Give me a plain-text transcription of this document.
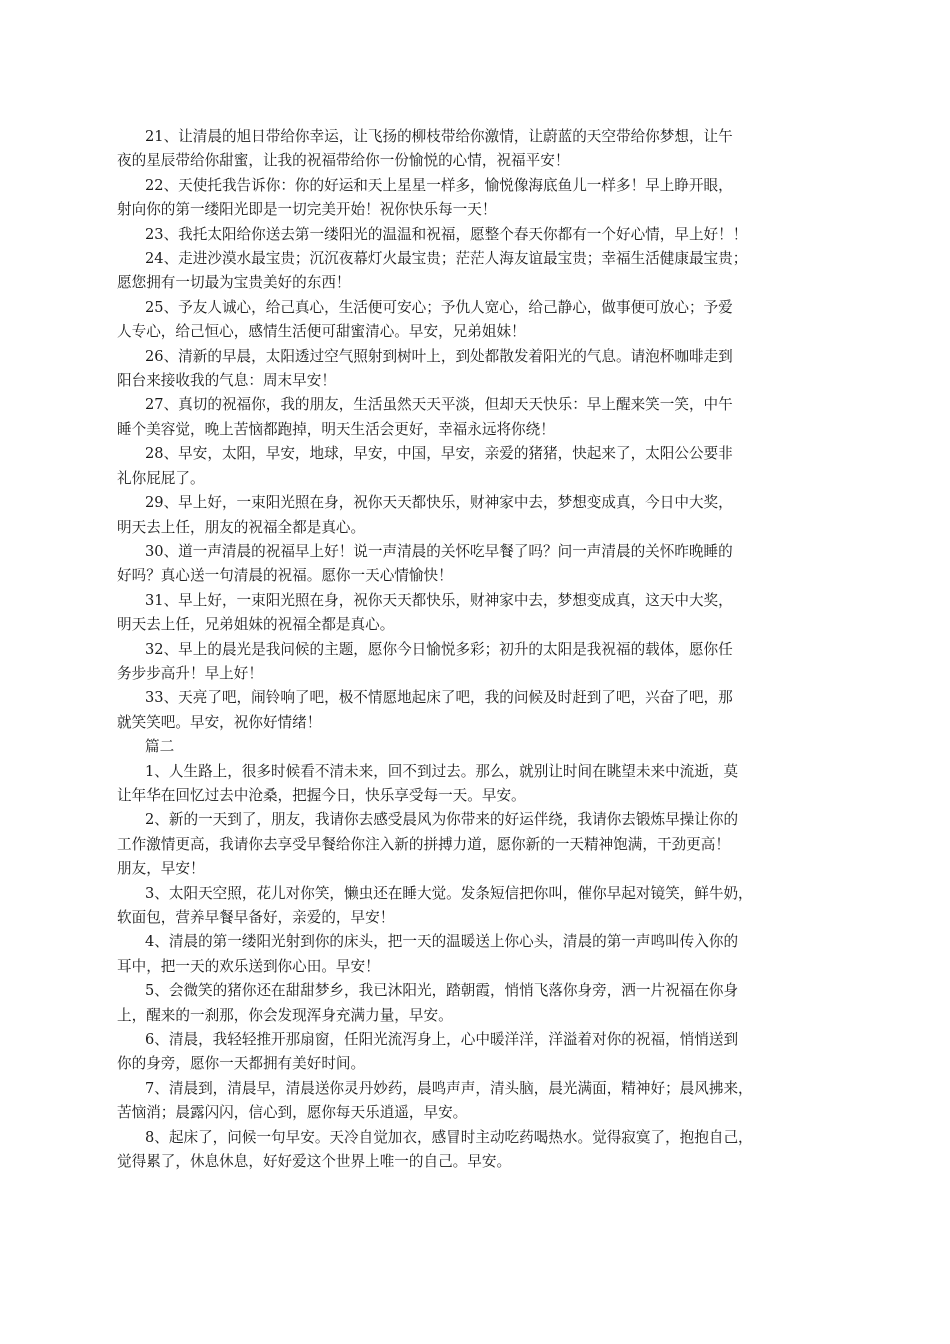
21、让清晨的旭日带给你幸运，让飞扬的柳枝带给你激情，让蔚蓝的天空带给你梦想，让午
夜的星辰带给你甜蜜，让我的祝福带给你一份愉悦的心情，祝福平安！
22、天使托我告诉你：你的好运和天上星星一样多，愉悦像海底鱼儿一样多！早上睁开眼，
射向你的第一缕阳光即是一切完美开始！祝你快乐每一天！
23、我托太阳给你送去第一缕阳光的温温和祝福，愿整个春天你都有一个好心情，早上好！！
24、走进沙漠水最宝贵；沉沉夜幕灯火最宝贵；茫茫人海友谊最宝贵；幸福生活健康最宝贵；
愿您拥有一切最为宝贵美好的东西！
25、予友人诚心，给己真心，生活便可安心；予仇人宽心，给己静心，做事便可放心；予爱
人专心，给己恒心，感情生活便可甜蜜清心。早安，兄弟姐妹！
26、清新的早晨，太阳透过空气照射到树叶上，到处都散发着阳光的气息。请泡杯咖啡走到
阳台来接收我的气息：周末早安！
27、真切的祝福你，我的朋友，生活虽然天天平淡，但却天天快乐：早上醒来笑一笑，中午
睡个美容觉，晚上苦恼都跑掉，明天生活会更好，幸福永远将你绕！
28、早安，太阳，早安，地球，早安，中国，早安，亲爱的猪猪，快起来了，太阳公公要非
礼你屁屁了。
29、早上好，一束阳光照在身，祝你天天都快乐，财神家中去，梦想变成真，今日中大奖，
明天去上任，朋友的祝福全都是真心。
30、道一声清晨的祝福早上好！说一声清晨的关怀吃早餐了吗？问一声清晨的关怀昨晚睡的
好吗？真心送一句清晨的祝福。愿你一天心情愉快！
31、早上好，一束阳光照在身，祝你天天都快乐，财神家中去，梦想变成真，这天中大奖，
明天去上任，兄弟姐妹的祝福全都是真心。
32、早上的晨光是我问候的主题，愿你今日愉悦多彩；初升的太阳是我祝福的载体，愿你任
务步步高升！早上好！
33、天亮了吧，闹铃响了吧，极不情愿地起床了吧，我的问候及时赶到了吧，兴奋了吧，那
就笑笑吧。早安，祝你好情绪！
篇二
1、人生路上，很多时候看不清未来，回不到过去。那么，就别让时间在眺望未来中流逝，莫
让年华在回忆过去中沧桑，把握今日，快乐享受每一天。早安。
2、新的一天到了，朋友，我请你去感受晨风为你带来的好运伴绕，我请你去锻炼早操让你的
工作激情更高，我请你去享受早餐给你注入新的拼搏力道，愿你新的一天精神饱满，干劲更高！
朋友，早安！
3、太阳天空照，花儿对你笑，懒虫还在睡大觉。发条短信把你叫，催你早起对镜笑，鲜牛奶，
软面包，营养早餐早备好，亲爱的，早安！
4、清晨的第一缕阳光射到你的床头，把一天的温暖送上你心头，清晨的第一声鸣叫传入你的
耳中，把一天的欢乐送到你心田。早安！
5、会微笑的猪你还在甜甜梦乡，我已沐阳光，踏朝霞，悄悄飞落你身旁，洒一片祝福在你身
上，醒来的一刹那，你会发现浑身充满力量，早安。
6、清晨，我轻轻推开那扇窗，任阳光流泻身上，心中暖洋洋，洋溢着对你的祝福，悄悄送到
你的身旁，愿你一天都拥有美好时间。
7、清晨到，清晨早，清晨送你灵丹妙药，晨鸣声声，清头脑，晨光满面，精神好；晨风拂来，
苦恼消；晨露闪闪，信心到，愿你每天乐逍遥，早安。
8、起床了，问候一句早安。天冷自觉加衣，感冒时主动吃药喝热水。觉得寂寞了，抱抱自己，
觉得累了，休息休息，好好爱这个世界上唯一的自己。早安。
